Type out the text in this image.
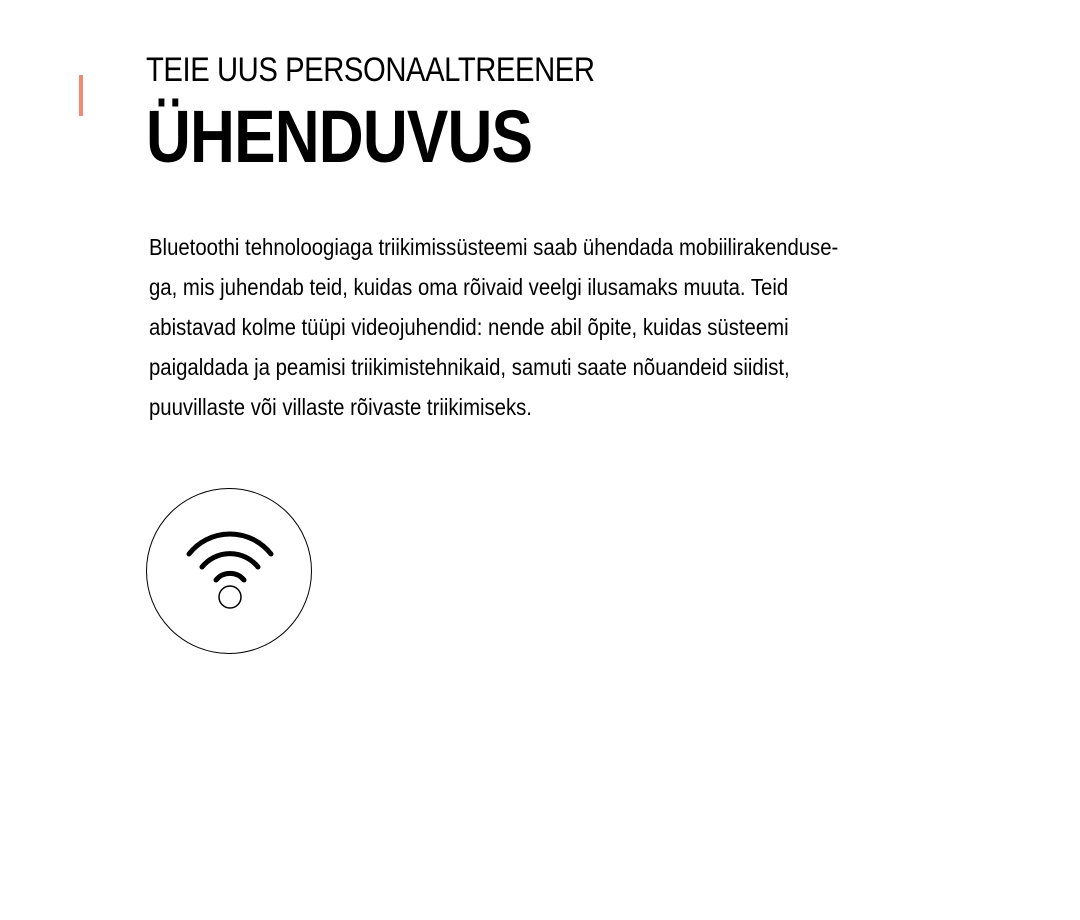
TEIE UUS PERSONAALTREENER
ÜHENDUVUS

Bluetoothi tehnoloogiaga triikimissüsteemi saab ühendada mobiilirakenduse-
ga, mis juhendab teid, kuidas oma rõivaid veelgi ilusamaks muuta. Teid
abistavad kolme tüüpi videojuhendid: nende abil õpite, kuidas süsteemi
paigaldada ja peamisi triikimistehnikaid, samuti saate nõuandeid siidist,
puuvillaste või villaste rõivaste triikimiseks.
